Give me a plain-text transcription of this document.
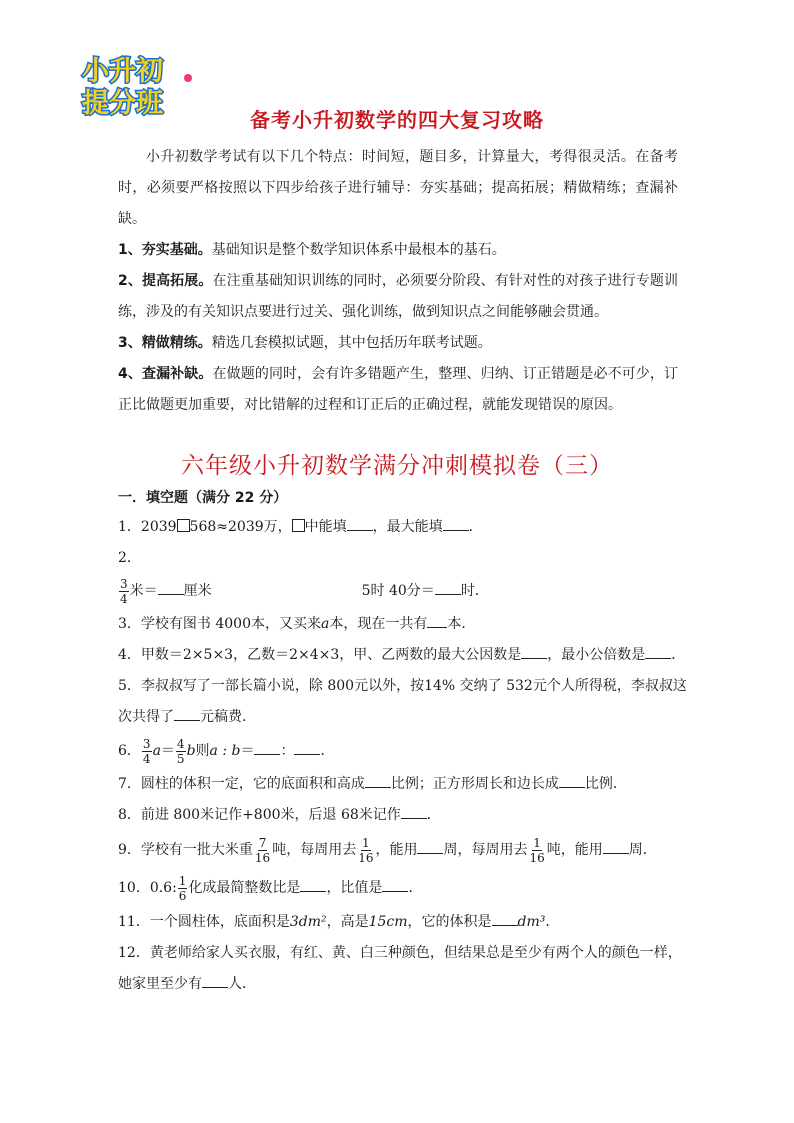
小升初
提分班
备考小升初数学的四大复习攻略

小升初数学考试有以下几个特点：时间短，题目多，计算量大，考得很灵活。在备考时，必须要严格按照以下四步给孩子进行辅导：夯实基础；提高拓展；精做精练；查漏补缺。

1、夯实基础。基础知识是整个数学知识体系中最根本的基石。

2、提高拓展。在注重基础知识训练的同时，必须要分阶段、有针对性的对孩子进行专题训练，涉及的有关知识点要进行过关、强化训练，做到知识点之间能够融会贯通。

3、精做精练。精选几套模拟试题，其中包括历年联考试题。

4、查漏补缺。在做题的同时，会有许多错题产生，整理、归纳、订正错题是必不可少，订正比做题更加重要，对比错解的过程和订正后的正确过程，就能发现错误的原因。

六年级小升初数学满分冲刺模拟卷（三）
一．填空题（满分 22 分）

1．2039 568≈2039万， 中能填 ，最大能填 ．

2．

$\frac{3}{4}$ 米＝ 厘米	5时 40分＝ 时．

3．学校有图书 4000本，又买来a本，现在一共有 本．

4．甲数＝2×5×3，乙数＝2×4×3，甲、乙两数的最大公因数是 ，最小公倍数是 ．

5．李叔叔写了一部长篇小说，除 800元以外，按14% 交纳了 532元个人所得税，李叔叔这次共得了 元稿费．

6． $\frac{3}{4} a= \frac{4}{5}$ b则a : b＝ ： ．

7．圆柱的体积一定，它的底面积和高成 比例；正方形周长和边长成 比例．

8．前进 800米记作+800米，后退 68米记作 ．

9．学校有一批大米重 $\frac{7}{16}$ 吨，每周用去 $\frac{1}{16}$ ，能用 周，每周用去 $\frac{1}{16}$ 吨，能用 周．

10．0.6: $\frac{1}{6}$ 化成最简整数比是 ，比值是 ．

11．一个圆柱体，底面积是3dm²，高是15cm，它的体积是 dm³．

12．黄老师给家人买衣服，有红、黄、白三种颜色，但结果总是至少有两个人的颜色一样，她家里至少有 人．
